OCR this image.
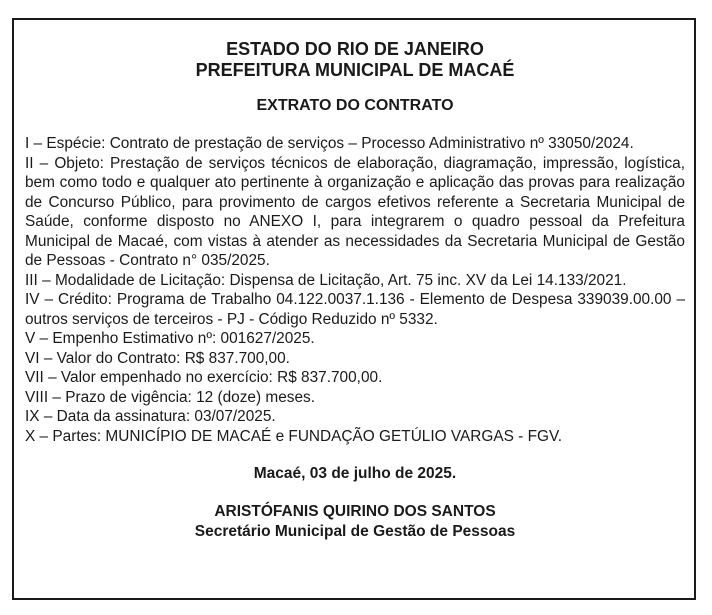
ESTADO DO RIO DE JANEIRO
PREFEITURA MUNICIPAL DE MACAÉ
EXTRATO DO CONTRATO
I – Espécie: Contrato de prestação de serviços – Processo Administrativo nº 33050/2024.
II – Objeto: Prestação de serviços técnicos de elaboração, diagramação, impressão, logística, bem como todo e qualquer ato pertinente à organização e aplicação das provas para realização de Concurso Público, para provimento de cargos efetivos referente a Secretaria Municipal de Saúde, conforme disposto no ANEXO I, para integrarem o quadro pessoal da Prefeitura Municipal de Macaé, com vistas à atender as necessidades da Secretaria Municipal de Gestão de Pessoas - Contrato n° 035/2025.
III – Modalidade de Licitação: Dispensa de Licitação, Art. 75 inc. XV da Lei 14.133/2021.
IV – Crédito: Programa de Trabalho 04.122.0037.1.136 - Elemento de Despesa 339039.00.00 – outros serviços de terceiros - PJ - Código Reduzido nº 5332.
V – Empenho Estimativo nº: 001627/2025.
VI – Valor do Contrato: R$ 837.700,00.
VII – Valor empenhado no exercício: R$ 837.700,00.
VIII – Prazo de vigência: 12 (doze) meses.
IX – Data da assinatura: 03/07/2025.
X – Partes: MUNICÍPIO DE MACAÉ e FUNDAÇÃO GETÚLIO VARGAS - FGV.
Macaé, 03 de julho de 2025.
ARISTÓFANIS QUIRINO DOS SANTOS
Secretário Municipal de Gestão de Pessoas
